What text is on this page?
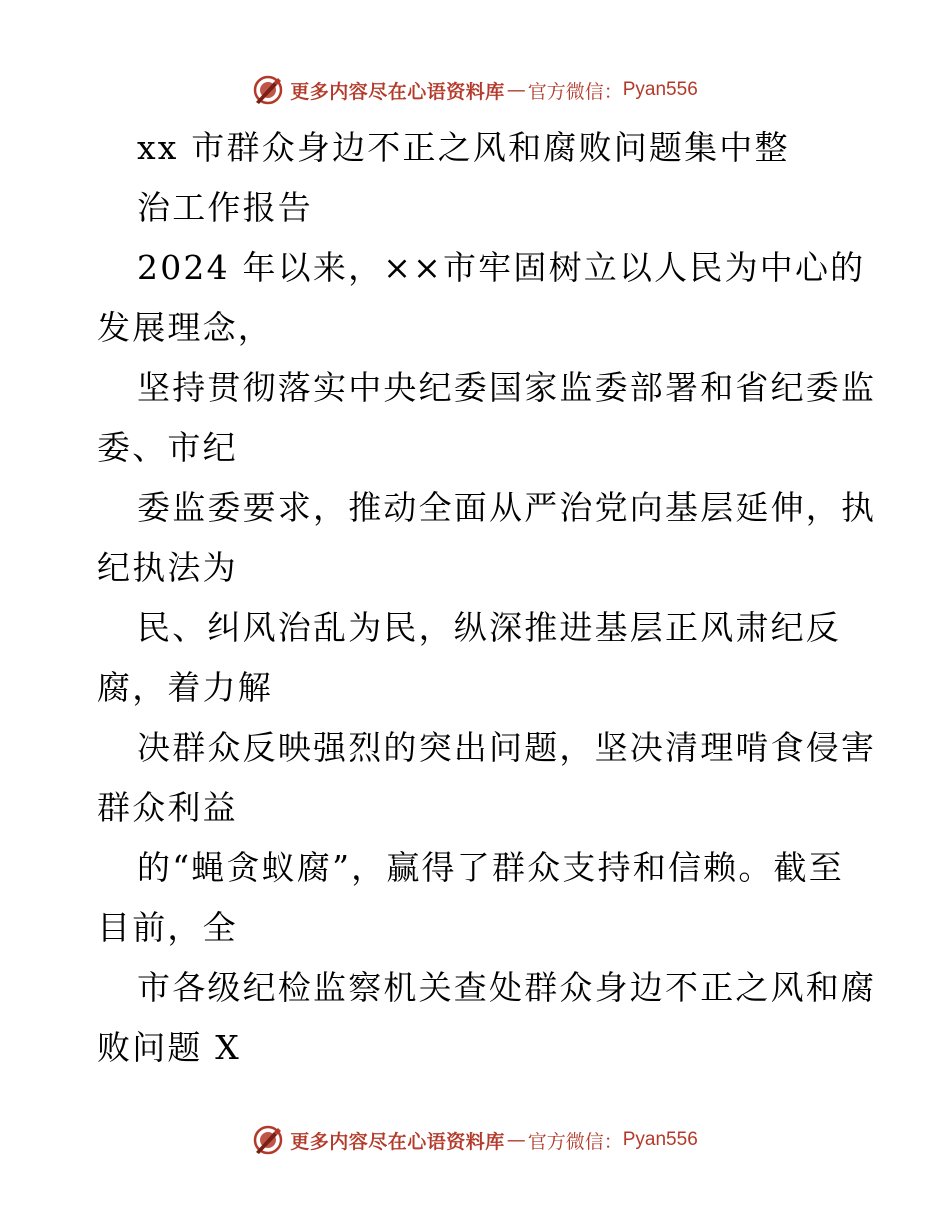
更多内容尽在心语资料库 — 官方微信： Pyan556
xx 市群众身边不正之风和腐败问题集中整
治工作报告
2024 年以来，××市牢固树立以人民为中心的
发展理念，
坚持贯彻落实中央纪委国家监委部署和省纪委监
委、市纪
委监委要求，推动全面从严治党向基层延伸，执
纪执法为
民、纠风治乱为民，纵深推进基层正风肃纪反
腐，着力解
决群众反映强烈的突出问题，坚决清理啃食侵害
群众利益
的“蝇贪蚁腐”，赢得了群众支持和信赖。截至
目前，全
市各级纪检监察机关查处群众身边不正之风和腐
败问题 X
更多内容尽在心语资料库 — 官方微信： Pyan556
